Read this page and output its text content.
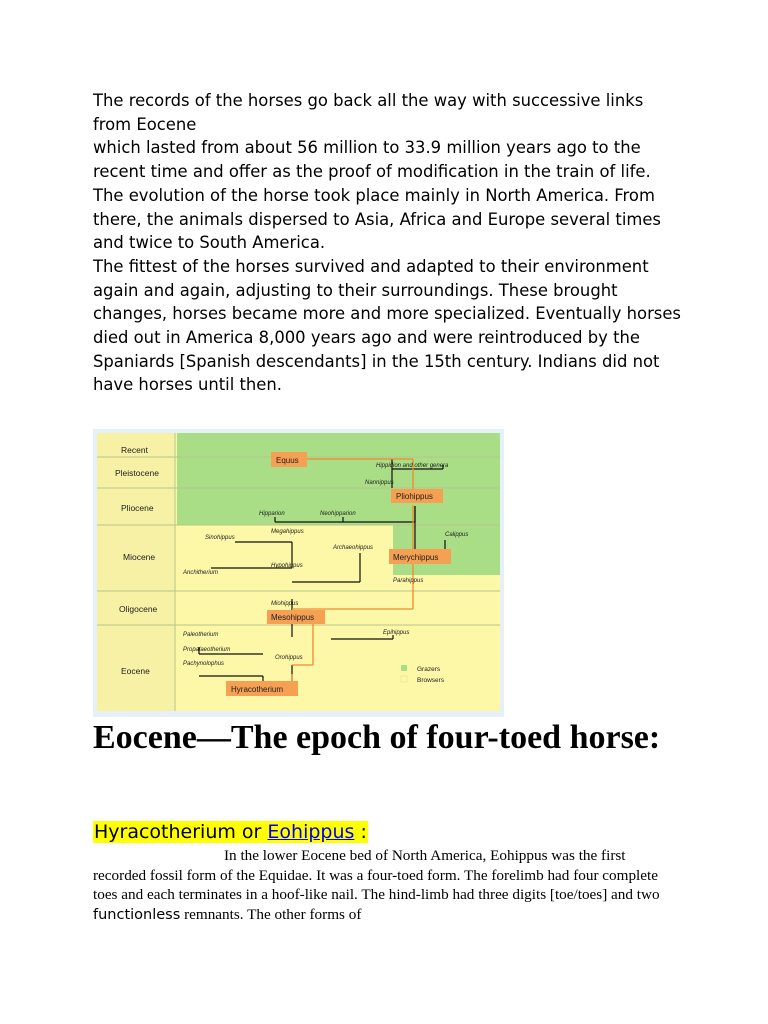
The records of the horses go back all the way with successive links from Eocene

which lasted from about 56 million to 33.9 million years ago to the recent time and offer as the proof of modification in the train of life. The evolution of the horse took place mainly in North America. From there, the animals dispersed to Asia, Africa and Europe several times and twice to South America.

The fittest of the horses survived and adapted to their environment again and again, adjusting to their surroundings. These brought changes, horses became more and more specialized. Eventually horses died out in America 8,000 years ago and were reintroduced by the Spaniards [Spanish descendants] in the 15th century. Indians did not have horses until then.

Recent
Pleistocene
Pliocene
Miocene
Oligocene
Eocene
Equus
Hippidion and other genera
Nannippus
Pliohippus
Hipparion	Neohipparion
Calippus
Sinohippus
Megahippus
Archaeohippus
Merychippus
Anchitherium
Hypohippus
Parahippus
Miohippus
Mesohippus
Paleotherium	Epihippus
Propalaeotherium
Pachynolophus
Orohippus
Hyracotherium
Grazers
Browsers
Eocene—The epoch of four-toed horse:

Hyracotherium or Eohippus :

In the lower Eocene bed of North America, Eohippus was the first recorded fossil form of the Equidae. It was a four-toed form. The forelimb had four complete toes and each terminates in a hoof-like nail. The hind-limb had three digits [toe/toes] and two functionless remnants. The other forms of
